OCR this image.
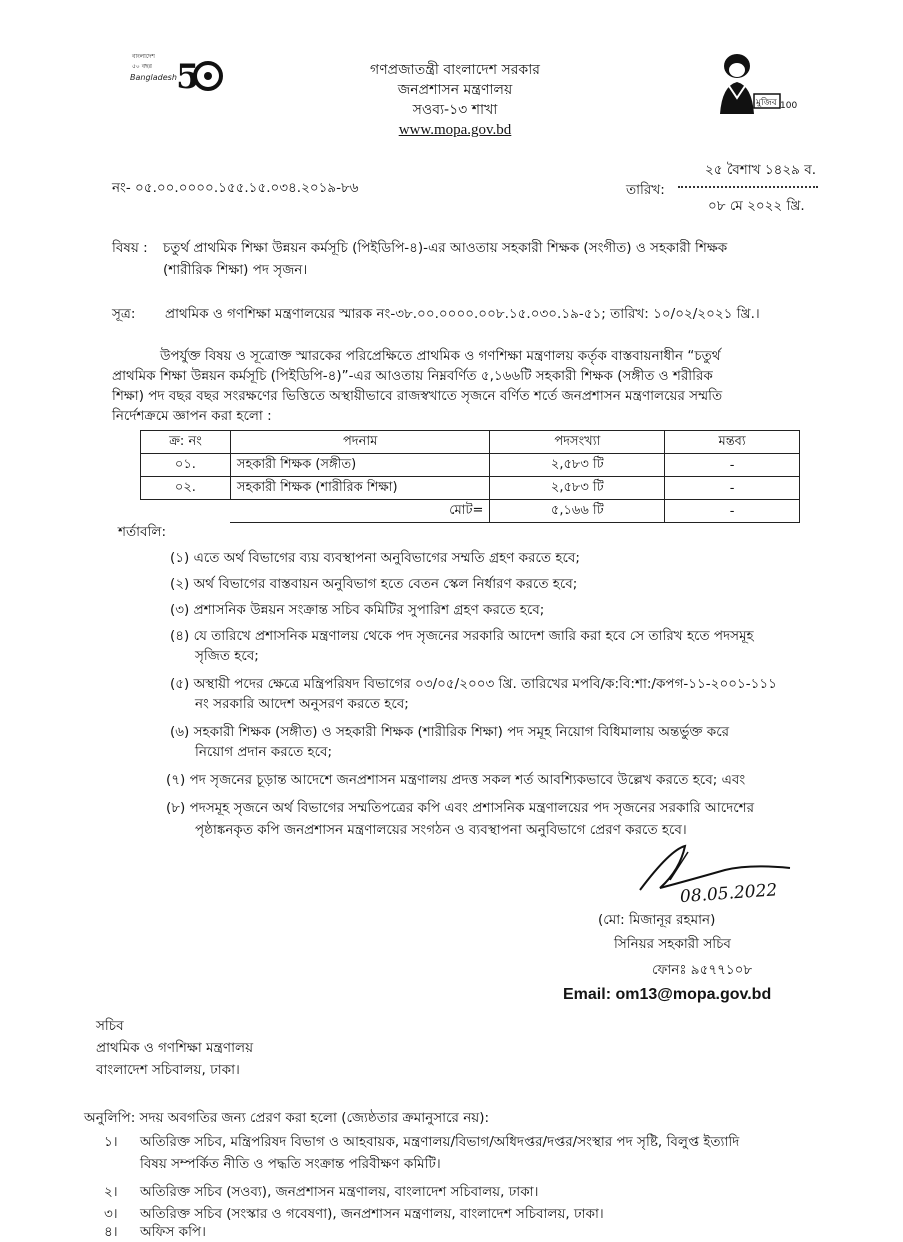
বাংলাদেশ
৫০ বছর
Bangladesh 5
মুজিব 100
গণপ্রজাতন্ত্রী বাংলাদেশ সরকার
জনপ্রশাসন মন্ত্রণালয়
সওব্য-১৩ শাখা
www.mopa.gov.bd
নং- ০৫.০০.০০০০.১৫৫.১৫.০৩৪.২০১৯-৮৬
২৫ বৈশাখ ১৪২৯ ব.
তারিখ:
০৮ মে ২০২২ খ্রি.
বিষয় : চতুর্থ প্রাথমিক শিক্ষা উন্নয়ন কর্মসূচি (পিইডিপি-৪)-এর আওতায় সহকারী শিক্ষক (সংগীত) ও সহকারী শিক্ষক
(শারীরিক শিক্ষা) পদ সৃজন।
সূত্র: প্রাথমিক ও গণশিক্ষা মন্ত্রণালয়ের স্মারক নং-৩৮.০০.০০০০.০০৮.১৫.০৩০.১৯-৫১; তারিখ: ১০/০২/২০২১ খ্রি.।
উপর্যুক্ত বিষয় ও সূত্রোক্ত স্মারকের পরিপ্রেক্ষিতে প্রাথমিক ও গণশিক্ষা মন্ত্রণালয় কর্তৃক বাস্তবায়নাধীন “চতুর্থ
প্রাথমিক শিক্ষা উন্নয়ন কর্মসূচি (পিইডিপি-৪)”-এর আওতায় নিম্নবর্ণিত ৫,১৬৬টি সহকারী শিক্ষক (সঙ্গীত ও শরীরিক
শিক্ষা) পদ বছর বছর সংরক্ষণের ভিত্তিতে অস্থায়ীভাবে রাজস্বখাতে সৃজনে বর্ণিত শর্তে জনপ্রশাসন মন্ত্রণালয়ের সম্মতি
নির্দেশক্রমে জ্ঞাপন করা হলো :
ক্র: নং	পদনাম	পদসংখ্যা	মন্তব্য
০১.	সহকারী শিক্ষক (সঙ্গীত)	২,৫৮৩ টি	-
০২.	সহকারী শিক্ষক (শারীরিক শিক্ষা)	২,৫৮৩ টি	-
	মোট=	৫,১৬৬ টি	-
শর্তাবলি:
(১) এতে অর্থ বিভাগের ব্যয় ব্যবস্থাপনা অনুবিভাগের সম্মতি গ্রহণ করতে হবে;
(২) অর্থ বিভাগের বাস্তবায়ন অনুবিভাগ হতে বেতন স্কেল নির্ধারণ করতে হবে;
(৩) প্রশাসনিক উন্নয়ন সংক্রান্ত সচিব কমিটির সুপারিশ গ্রহণ করতে হবে;
(৪) যে তারিখে প্রশাসনিক মন্ত্রণালয় থেকে পদ সৃজনের সরকারি আদেশ জারি করা হবে সে তারিখ হতে পদসমূহ
সৃজিত হবে;
(৫) অস্থায়ী পদের ক্ষেত্রে মন্ত্রিপরিষদ বিভাগের ০৩/০৫/২০০৩ খ্রি. তারিখের মপবি/ক:বি:শা:/কপগ-১১-২০০১-১১১
নং সরকারি আদেশ অনুসরণ করতে হবে;
(৬) সহকারী শিক্ষক (সঙ্গীত) ও সহকারী শিক্ষক (শারীরিক শিক্ষা) পদ সমূহ নিয়োগ বিধিমালায় অন্তর্ভুক্ত করে
নিয়োগ প্রদান করতে হবে;
(৭) পদ সৃজনের চূড়ান্ত আদেশে জনপ্রশাসন মন্ত্রণালয় প্রদত্ত সকল শর্ত আবশ্যিকভাবে উল্লেখ করতে হবে; এবং
(৮) পদসমূহ সৃজনে অর্থ বিভাগের সম্মতিপত্রের কপি এবং প্রশাসনিক মন্ত্রণালয়ের পদ সৃজনের সরকারি আদেশের
পৃষ্ঠাঙ্কনকৃত কপি জনপ্রশাসন মন্ত্রণালয়ের সংগঠন ও ব্যবস্থাপনা অনুবিভাগে প্রেরণ করতে হবে।
08.05.2022
(মো: মিজানূর রহমান)
সিনিয়র সহকারী সচিব
ফোনঃ ৯৫৭৭১০৮
Email: om13@mopa.gov.bd
সচিব
প্রাথমিক ও গণশিক্ষা মন্ত্রণালয়
বাংলাদেশ সচিবালয়, ঢাকা।
অনুলিপি: সদয় অবগতির জন্য প্রেরণ করা হলো (জ্যেষ্ঠতার ক্রমানুসারে নয়):
১। অতিরিক্ত সচিব, মন্ত্রিপরিষদ বিভাগ ও আহবায়ক, মন্ত্রণালয়/বিভাগ/অধিদপ্তর/দপ্তর/সংস্থার পদ সৃষ্টি, বিলুপ্ত ইত্যাদি
বিষয় সম্পর্কিত নীতি ও পদ্ধতি সংক্রান্ত পরিবীক্ষণ কমিটি।
২। অতিরিক্ত সচিব (সওব্য), জনপ্রশাসন মন্ত্রণালয়, বাংলাদেশ সচিবালয়, ঢাকা।
৩। অতিরিক্ত সচিব (সংস্কার ও গবেষণা), জনপ্রশাসন মন্ত্রণালয়, বাংলাদেশ সচিবালয়, ঢাকা।
৪। অফিস কপি।
